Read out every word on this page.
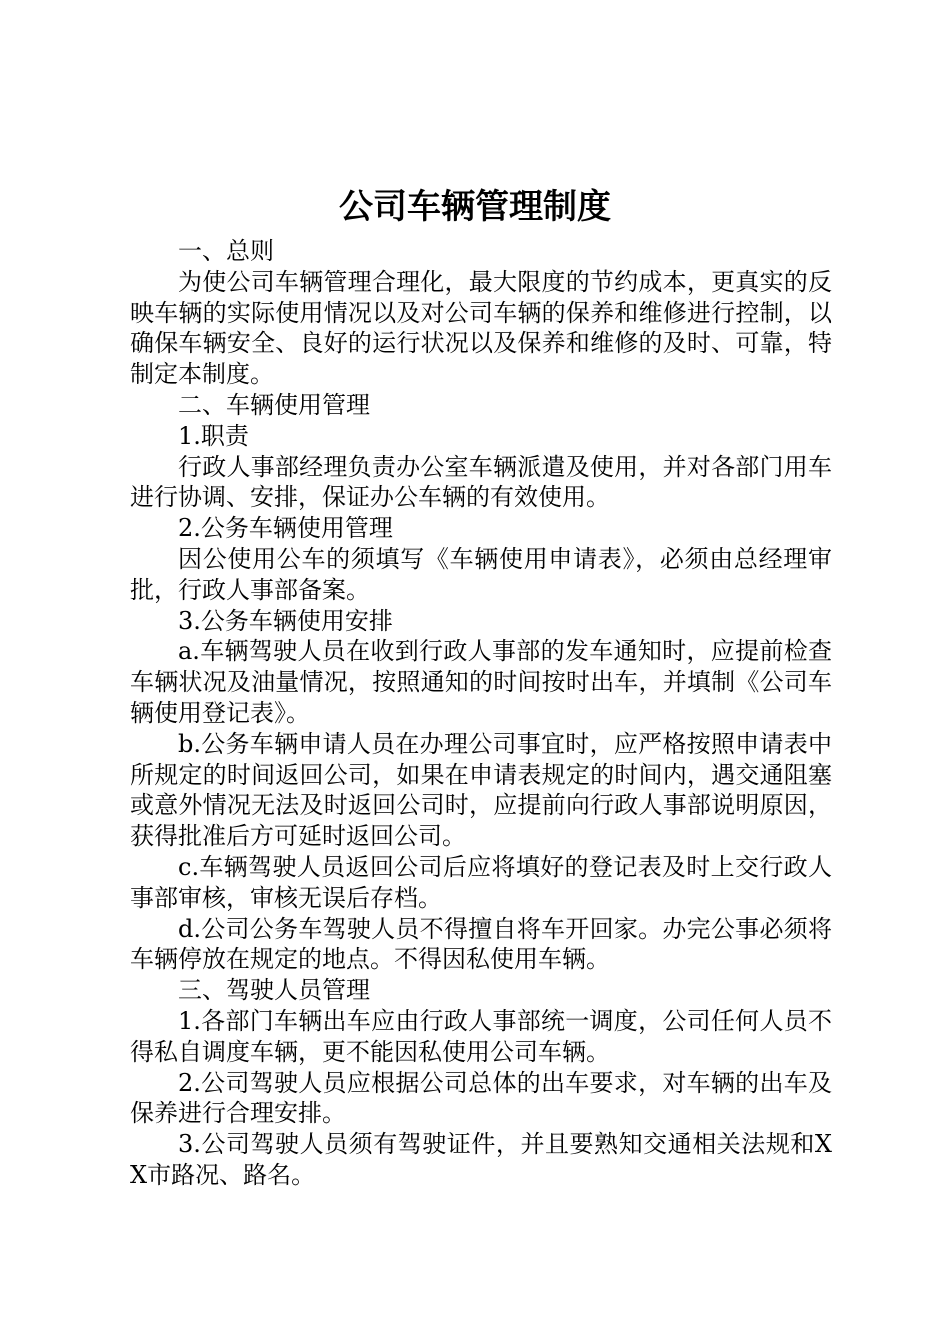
公司车辆管理制度

一、总则

为使公司车辆管理合理化，最大限度的节约成本，更真实的反映车辆的实际使用情况以及对公司车辆的保养和维修进行控制，以确保车辆安全、良好的运行状况以及保养和维修的及时、可靠，特制定本制度。

二、车辆使用管理

1.职责

行政人事部经理负责办公室车辆派遣及使用，并对各部门用车进行协调、安排，保证办公车辆的有效使用。

2.公务车辆使用管理

因公使用公车的须填写《车辆使用申请表》，必须由总经理审批，行政人事部备案。

3.公务车辆使用安排

a.车辆驾驶人员在收到行政人事部的发车通知时，应提前检查车辆状况及油量情况，按照通知的时间按时出车，并填制《公司车辆使用登记表》。

b.公务车辆申请人员在办理公司事宜时，应严格按照申请表中所规定的时间返回公司，如果在申请表规定的时间内，遇交通阻塞或意外情况无法及时返回公司时，应提前向行政人事部说明原因，获得批准后方可延时返回公司。

c.车辆驾驶人员返回公司后应将填好的登记表及时上交行政人事部审核，审核无误后存档。

d.公司公务车驾驶人员不得擅自将车开回家。办完公事必须将车辆停放在规定的地点。不得因私使用车辆。

三、驾驶人员管理

1.各部门车辆出车应由行政人事部统一调度，公司任何人员不得私自调度车辆，更不能因私使用公司车辆。

2.公司驾驶人员应根据公司总体的出车要求，对车辆的出车及保养进行合理安排。

3.公司驾驶人员须有驾驶证件，并且要熟知交通相关法规和XX市路况、路名。
